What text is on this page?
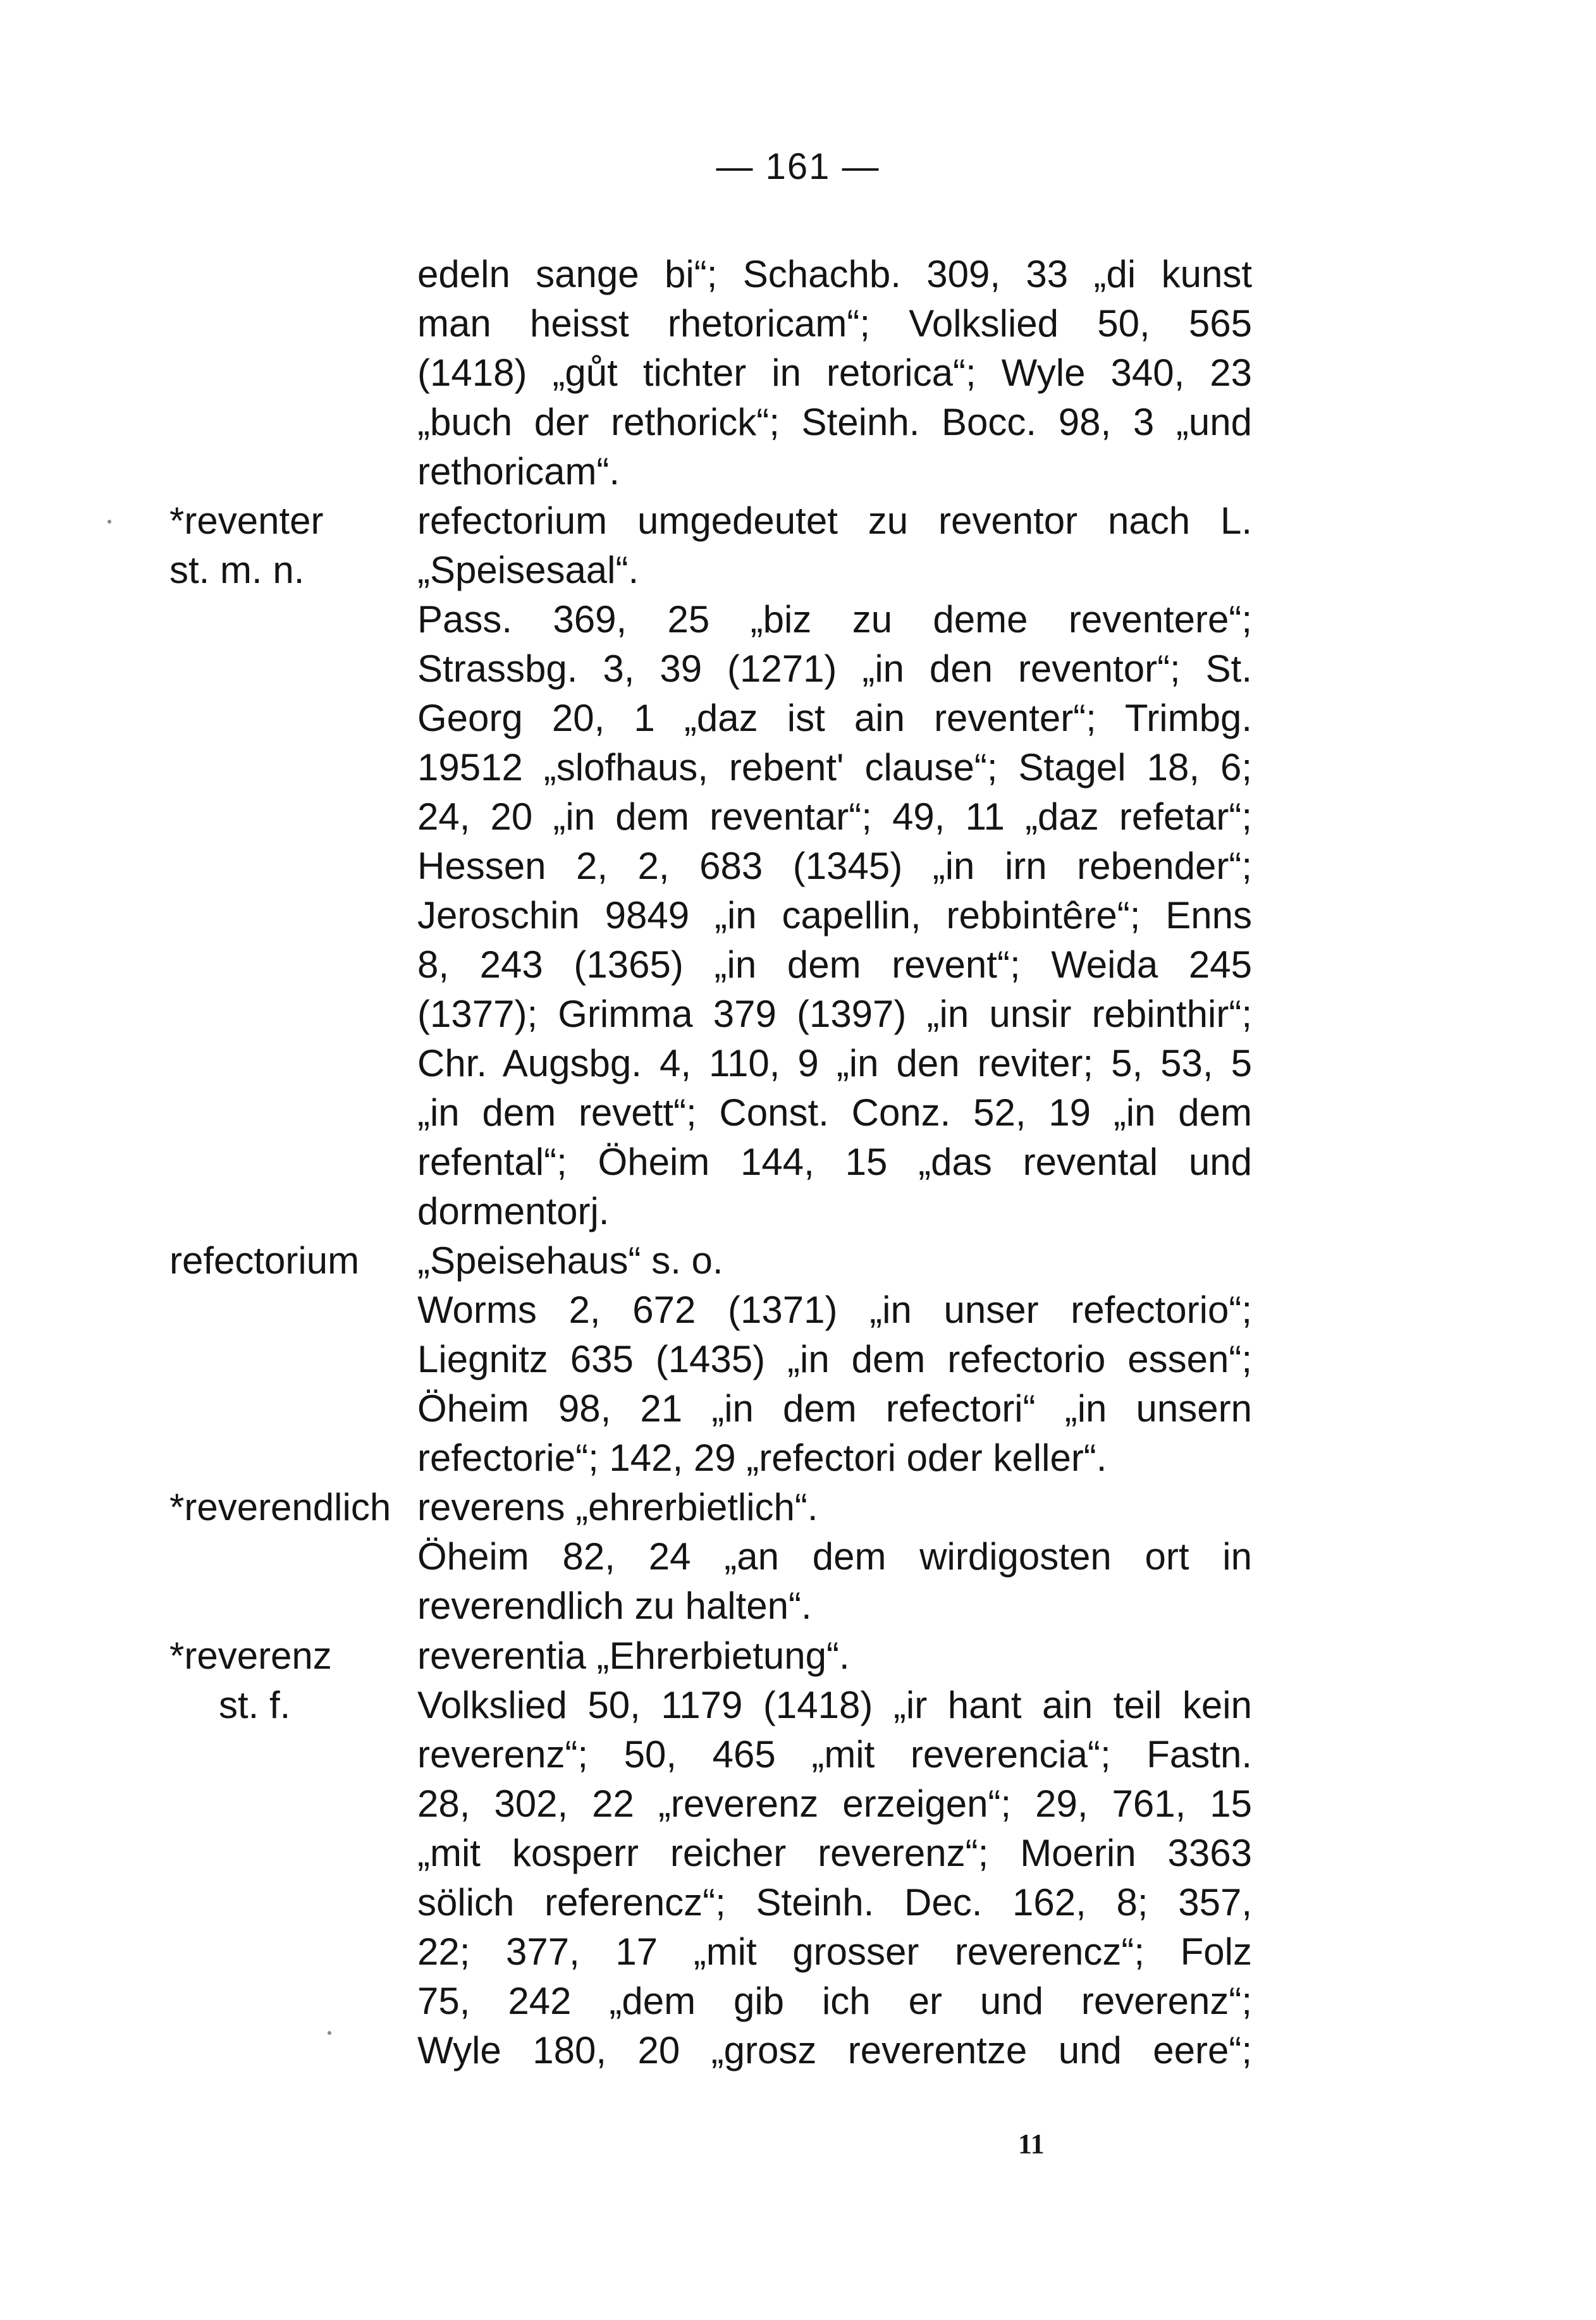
— 161 —
edeln sange bi“; Schachb. 309, 33 „di kunst
man heisst rhetoricam“; Volkslied 50, 565
(1418) „gůt tichter in retorica“; Wyle 340, 23
„buch der rethorick“; Steinh. Bocc. 98, 3 „und
rethoricam“.
*reventer
st. m. n.
refectorium umgedeutet zu reventor nach L.
„Speisesaal“.
Pass. 369, 25 „biz zu deme reventere“;
Strassbg. 3, 39 (1271) „in den reventor“; St.
Georg 20, 1 „daz ist ain reventer“; Trimbg.
19512 „slofhaus, rebent' clause“; Stagel 18, 6;
24, 20 „in dem reventar“; 49, 11 „daz refetar“;
Hessen 2, 2, 683 (1345) „in irn rebender“;
Jeroschin 9849 „in capellin, rebbintêre“; Enns
8, 243 (1365) „in dem revent“; Weida 245
(1377); Grimma 379 (1397) „in unsir rebinthir“;
Chr. Augsbg. 4, 110, 9 „in den reviter; 5, 53, 5
„in dem revett“; Const. Conz. 52, 19 „in dem
refental“; Öheim 144, 15 „das revental und
dormentorj.
refectorium	„Speisehaus“ s. o.
Worms 2, 672 (1371) „in unser refectorio“;
Liegnitz 635 (1435) „in dem refectorio essen“;
Öheim 98, 21 „in dem refectori“ „in unsern
refectorie“; 142, 29 „refectori oder keller“.
*reverendlich reverens „ehrerbietlich“.
Öheim 82, 24 „an dem wirdigosten ort in
reverendlich zu halten“.
*reverenz
st. f.
reverentia „Ehrerbietung“.
Volkslied 50, 1179 (1418) „ir hant ain teil kein
reverenz“; 50, 465 „mit reverencia“; Fastn.
28, 302, 22 „reverenz erzeigen“; 29, 761, 15
„mit kosperr reicher reverenz“; Moerin 3363
sölich referencz“; Steinh. Dec. 162, 8; 357,
22; 377, 17 „mit grosser reverencz“; Folz
75, 242 „dem gib ich er und reverenz“;
Wyle 180, 20 „grosz reverentze und eere“;
11
